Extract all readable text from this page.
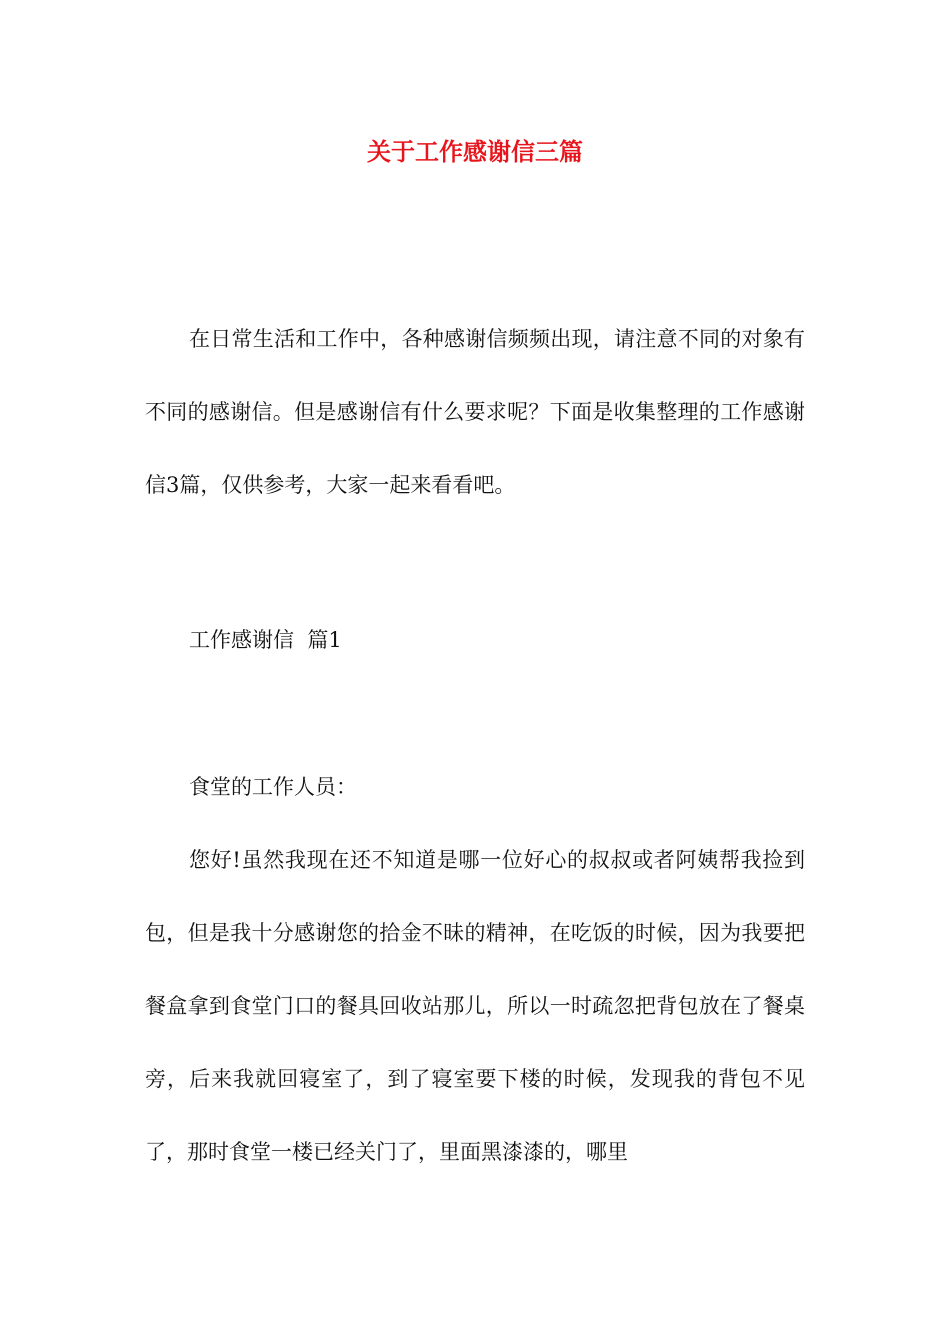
关于工作感谢信三篇

在日常生活和工作中，各种感谢信频频出现，请注意不同的对象有不同的感谢信。但是感谢信有什么要求呢？下面是收集整理的工作感谢信3篇，仅供参考，大家一起来看看吧。

工作感谢信  篇1

食堂的工作人员：

您好!虽然我现在还不知道是哪一位好心的叔叔或者阿姨帮我捡到包，但是我十分感谢您的拾金不昧的精神，在吃饭的时候，因为我要把餐盒拿到食堂门口的餐具回收站那儿，所以一时疏忽把背包放在了餐桌旁，后来我就回寝室了，到了寝室要下楼的时候，发现我的背包不见了，那时食堂一楼已经关门了，里面黑漆漆的，哪里
